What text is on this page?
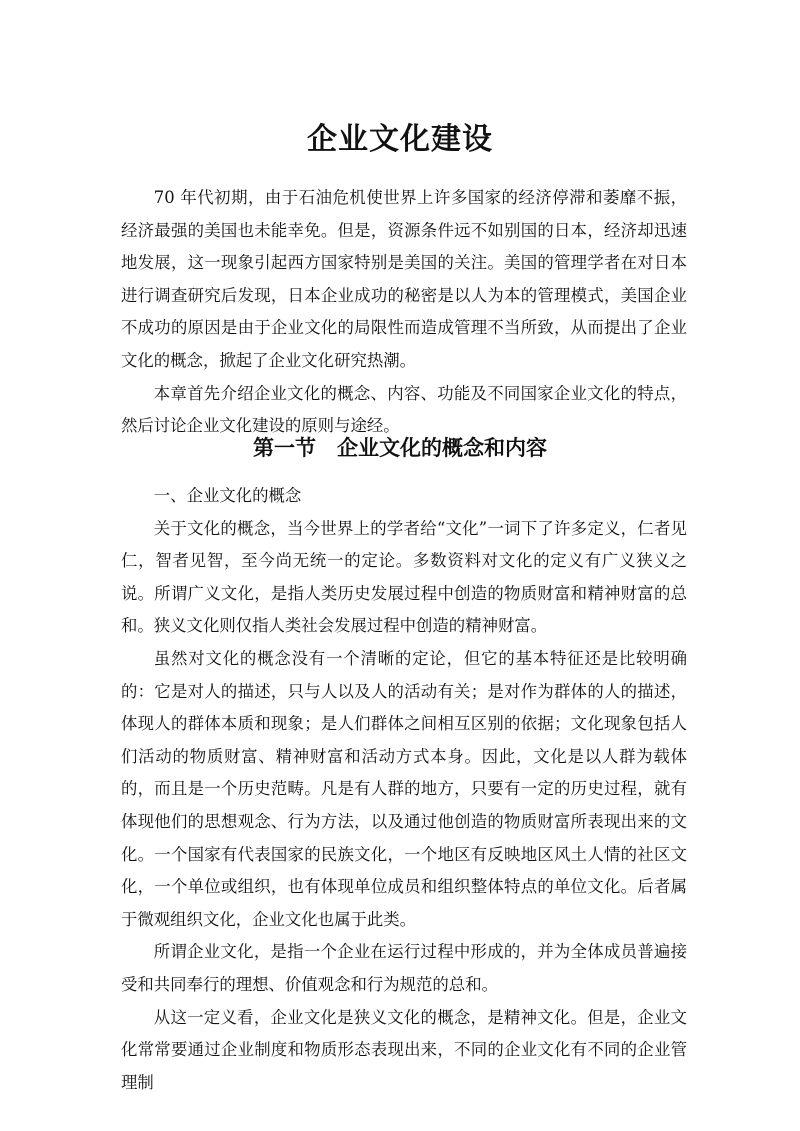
企业文化建设

70 年代初期，由于石油危机使世界上许多国家的经济停滞和萎靡不振，经济最强的美国也未能幸免。但是，资源条件远不如别国的日本，经济却迅速地发展，这一现象引起西方国家特别是美国的关注。美国的管理学者在对日本进行调查研究后发现，日本企业成功的秘密是以人为本的管理模式，美国企业不成功的原因是由于企业文化的局限性而造成管理不当所致，从而提出了企业文化的概念，掀起了企业文化研究热潮。

本章首先介绍企业文化的概念、内容、功能及不同国家企业文化的特点，然后讨论企业文化建设的原则与途经。

第一节　企业文化的概念和内容

一、企业文化的概念

关于文化的概念，当今世界上的学者给“文化”一词下了许多定义，仁者见仁，智者见智，至今尚无统一的定论。多数资料对文化的定义有广义狭义之说。所谓广义文化，是指人类历史发展过程中创造的物质财富和精神财富的总和。狭义文化则仅指人类社会发展过程中创造的精神财富。

虽然对文化的概念没有一个清晰的定论，但它的基本特征还是比较明确的：它是对人的描述，只与人以及人的活动有关；是对作为群体的人的描述，体现人的群体本质和现象；是人们群体之间相互区别的依据；文化现象包括人们活动的物质财富、精神财富和活动方式本身。因此，文化是以人群为载体的，而且是一个历史范畴。凡是有人群的地方，只要有一定的历史过程，就有体现他们的思想观念、行为方法，以及通过他创造的物质财富所表现出来的文化。一个国家有代表国家的民族文化，一个地区有反映地区风土人情的社区文化，一个单位或组织，也有体现单位成员和组织整体特点的单位文化。后者属于微观组织文化，企业文化也属于此类。

所谓企业文化，是指一个企业在运行过程中形成的，并为全体成员普遍接受和共同奉行的理想、价值观念和行为规范的总和。

从这一定义看，企业文化是狭义文化的概念，是精神文化。但是，企业文化常常要通过企业制度和物质形态表现出来，不同的企业文化有不同的企业管理制
